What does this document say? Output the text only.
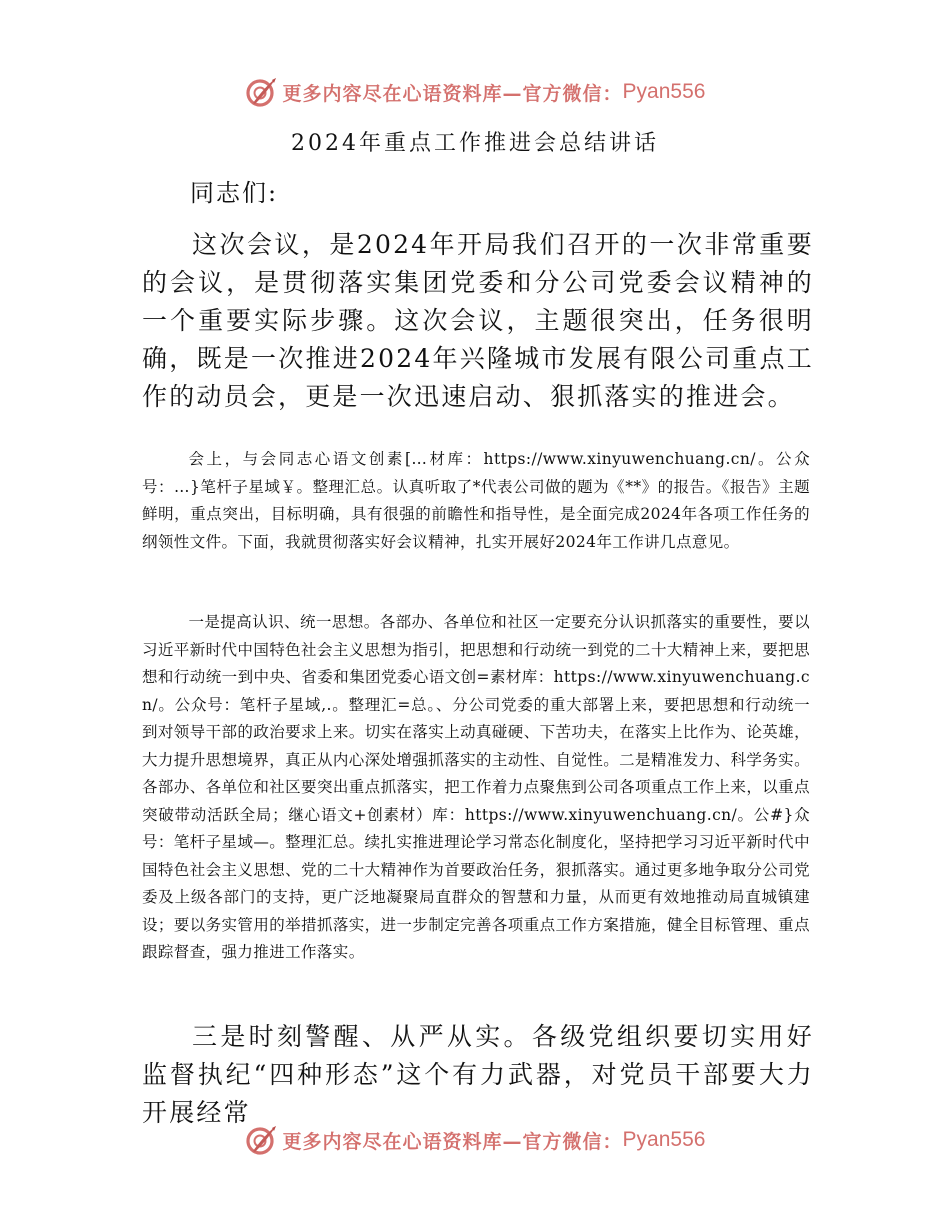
更多内容尽在心语资料库—官方微信： Pyan556
2024年重点工作推进会总结讲话

同志们:

这次会议，是2024年开局我们召开的一次非常重要的会议，是贯彻落实集团党委和分公司党委会议精神的一个重要实际步骤。这次会议，主题很突出，任务很明确，既是一次推进2024年兴隆城市发展有限公司重点工作的动员会，更是一次迅速启动、狠抓落实的推进会。

会上，与会同志心语文创素[…材库：https://www.xinyuwenchuang.cn/。公众号：…}笔杆子星域￥。整理汇总。认真听取了*代表公司做的题为《**》的报告。《报告》主题鲜明，重点突出，目标明确，具有很强的前瞻性和指导性，是全面完成2024年各项工作任务的纲领性文件。下面，我就贯彻落实好会议精神，扎实开展好2024年工作讲几点意见。

一是提高认识、统一思想。各部办、各单位和社区一定要充分认识抓落实的重要性，要以习近平新时代中国特色社会主义思想为指引，把思想和行动统一到党的二十大精神上来，要把思想和行动统一到中央、省委和集团党委心语文创=素材库：https://www.xinyuwenchuang.cn/。公众号：笔杆子星域,.。整理汇=总。、分公司党委的重大部署上来，要把思想和行动统一到对领导干部的政治要求上来。切实在落实上动真碰硬、下苦功夫，在落实上比作为、论英雄，大力提升思想境界，真正从内心深处增强抓落实的主动性、自觉性。二是精准发力、科学务实。各部办、各单位和社区要突出重点抓落实，把工作着力点聚焦到公司各项重点工作上来，以重点突破带动活跃全局；继心语文+创素材）库：https://www.xinyuwenchuang.cn/。公#}众号：笔杆子星域—。整理汇总。续扎实推进理论学习常态化制度化，坚持把学习习近平新时代中国特色社会主义思想、党的二十大精神作为首要政治任务，狠抓落实。通过更多地争取分公司党委及上级各部门的支持，更广泛地凝聚局直群众的智慧和力量，从而更有效地推动局直城镇建设；要以务实管用的举措抓落实，进一步制定完善各项重点工作方案措施，健全目标管理、重点跟踪督查，强力推进工作落实。

三是时刻警醒、从严从实。各级党组织要切实用好监督执纪“四种形态”这个有力武器，对党员干部要大力开展经常

更多内容尽在心语资料库—官方微信： Pyan556
